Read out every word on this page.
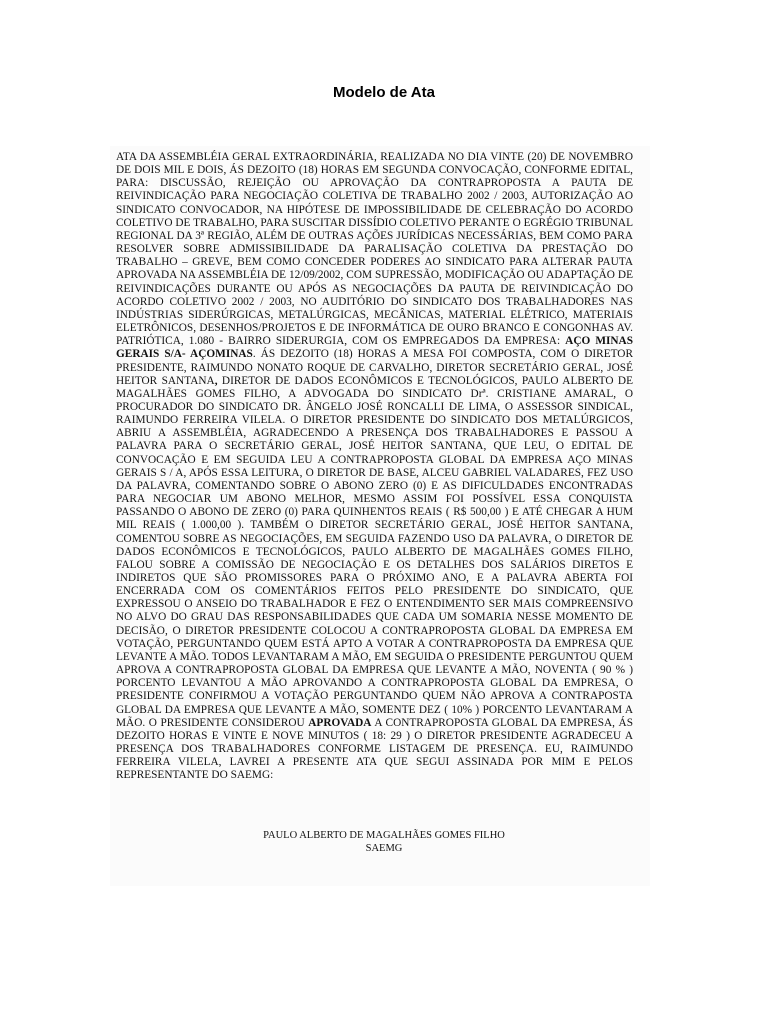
Modelo de Ata

ATA DA ASSEMBLÉIA GERAL EXTRAORDINÁRIA, REALIZADA NO DIA VINTE (20) DE NOVEMBRO DE DOIS MIL E DOIS, ÁS DEZOITO (18) HORAS EM SEGUNDA CONVOCAÇÃO, CONFORME EDITAL, PARA: DISCUSSÃO, REJEIÇÃO OU APROVAÇÃO DA CONTRAPROPOSTA A PAUTA DE REIVINDICAÇÃO PARA NEGOCIAÇÃO COLETIVA DE TRABALHO 2002 / 2003, AUTORIZAÇÃO AO SINDICATO CONVOCADOR, NA HIPÓTESE DE IMPOSSIBILIDADE DE CELEBRAÇÃO DO ACORDO COLETIVO DE TRABALHO, PARA SUSCITAR DISSÍDIO COLETIVO PERANTE O EGRÉGIO TRIBUNAL REGIONAL DA 3ª REGIÃO, ALÉM DE OUTRAS AÇÕES JURÍDICAS NECESSÁRIAS, BEM COMO PARA RESOLVER SOBRE ADMISSIBILIDADE DA PARALISAÇÃO COLETIVA DA PRESTAÇÃO DO TRABALHO – GREVE, BEM COMO CONCEDER PODERES AO SINDICATO PARA ALTERAR PAUTA APROVADA NA ASSEMBLÉIA DE 12/09/2002, COM SUPRESSÃO, MODIFICAÇÃO OU ADAPTAÇÃO DE REIVINDICAÇÕES DURANTE OU APÓS AS NEGOCIAÇÕES DA PAUTA DE REIVINDICAÇÃO DO ACORDO COLETIVO 2002 / 2003, NO AUDITÓRIO DO SINDICATO DOS TRABALHADORES NAS INDÚSTRIAS SIDERÚRGICAS, METALÚRGICAS, MECÂNICAS, MATERIAL ELÉTRICO, MATERIAIS ELETRÔNICOS, DESENHOS/PROJETOS E DE INFORMÁTICA DE OURO BRANCO E CONGONHAS AV. PATRIÓTICA, 1.080 - BAIRRO SIDERURGIA, COM OS EMPREGADOS DA EMPRESA: AÇO MINAS GERAIS S/A- AÇOMINAS. ÁS DEZOITO (18) HORAS A MESA FOI COMPOSTA, COM O DIRETOR PRESIDENTE, RAIMUNDO NONATO ROQUE DE CARVALHO, DIRETOR SECRETÁRIO GERAL, JOSÉ HEITOR SANTANA, DIRETOR DE DADOS ECONÔMICOS E TECNOLÓGICOS, PAULO ALBERTO DE MAGALHÃES GOMES FILHO, A ADVOGADA DO SINDICATO Drª. CRISTIANE AMARAL, O PROCURADOR DO SINDICATO DR. ÂNGELO JOSÉ RONCALLI DE LIMA, O ASSESSOR SINDICAL, RAIMUNDO FERREIRA VILELA. O DIRETOR PRESIDENTE DO SINDICATO DOS METALÚRGICOS, ABRIU A ASSEMBLÉIA, AGRADECENDO A PRESENÇA DOS TRABALHADORES E PASSOU A PALAVRA PARA O SECRETÁRIO GERAL, JOSÉ HEITOR SANTANA, QUE LEU, O EDITAL DE CONVOCAÇÃO E EM SEGUIDA LEU A CONTRAPROPOSTA GLOBAL DA EMPRESA AÇO MINAS GERAIS S / A, APÓS ESSA LEITURA, O DIRETOR DE BASE, ALCEU GABRIEL VALADARES, FEZ USO DA PALAVRA, COMENTANDO SOBRE O ABONO ZERO (0) E AS DIFICULDADES ENCONTRADAS PARA NEGOCIAR UM ABONO MELHOR, MESMO ASSIM FOI POSSÍVEL ESSA CONQUISTA PASSANDO O ABONO DE ZERO (0) PARA QUINHENTOS REAIS ( R$ 500,00 ) E ATÉ CHEGAR A HUM MIL REAIS ( 1.000,00 ). TAMBÉM O DIRETOR SECRETÁRIO GERAL, JOSÉ HEITOR SANTANA, COMENTOU SOBRE AS NEGOCIAÇÕES, EM SEGUIDA FAZENDO USO DA PALAVRA, O DIRETOR DE DADOS ECONÔMICOS E TECNOLÓGICOS, PAULO ALBERTO DE MAGALHÃES GOMES FILHO, FALOU SOBRE A COMISSÃO DE NEGOCIAÇÃO E OS DETALHES DOS SALÁRIOS DIRETOS E INDIRETOS QUE SÃO PROMISSORES PARA O PRÓXIMO ANO, E A PALAVRA ABERTA FOI ENCERRADA COM OS COMENTÁRIOS FEITOS PELO PRESIDENTE DO SINDICATO, QUE EXPRESSOU O ANSEIO DO TRABALHADOR E FEZ O ENTENDIMENTO SER MAIS COMPREENSIVO NO ALVO DO GRAU DAS RESPONSABILIDADES QUE CADA UM SOMARIA NESSE MOMENTO DE DECISÃO, O DIRETOR PRESIDENTE COLOCOU A CONTRAPROPOSTA GLOBAL DA EMPRESA EM VOTAÇÃO, PERGUNTANDO QUEM ESTÁ APTO A VOTAR A CONTRAPROPOSTA DA EMPRESA QUE LEVANTE A MÃO. TODOS LEVANTARAM A MÃO, EM SEGUIDA O PRESIDENTE PERGUNTOU QUEM APROVA A CONTRAPROPOSTA GLOBAL DA EMPRESA QUE LEVANTE A MÃO, NOVENTA ( 90 % ) PORCENTO LEVANTOU A MÃO APROVANDO A CONTRAPROPOSTA GLOBAL DA EMPRESA, O PRESIDENTE CONFIRMOU A VOTAÇÃO PERGUNTANDO QUEM NÃO APROVA A CONTRAPOSTA GLOBAL DA EMPRESA QUE LEVANTE A MÃO, SOMENTE DEZ ( 10% ) PORCENTO LEVANTARAM A MÃO. O PRESIDENTE CONSIDEROU APROVADA A CONTRAPROPOSTA GLOBAL DA EMPRESA, ÁS DEZOITO HORAS E VINTE E NOVE MINUTOS ( 18: 29 ) O DIRETOR PRESIDENTE AGRADECEU A PRESENÇA DOS TRABALHADORES CONFORME LISTAGEM DE PRESENÇA. EU, RAIMUNDO FERREIRA VILELA, LAVREI A PRESENTE ATA QUE SEGUI ASSINADA POR MIM E PELOS REPRESENTANTE DO SAEMG:

PAULO ALBERTO DE MAGALHÃES GOMES FILHO
SAEMG
